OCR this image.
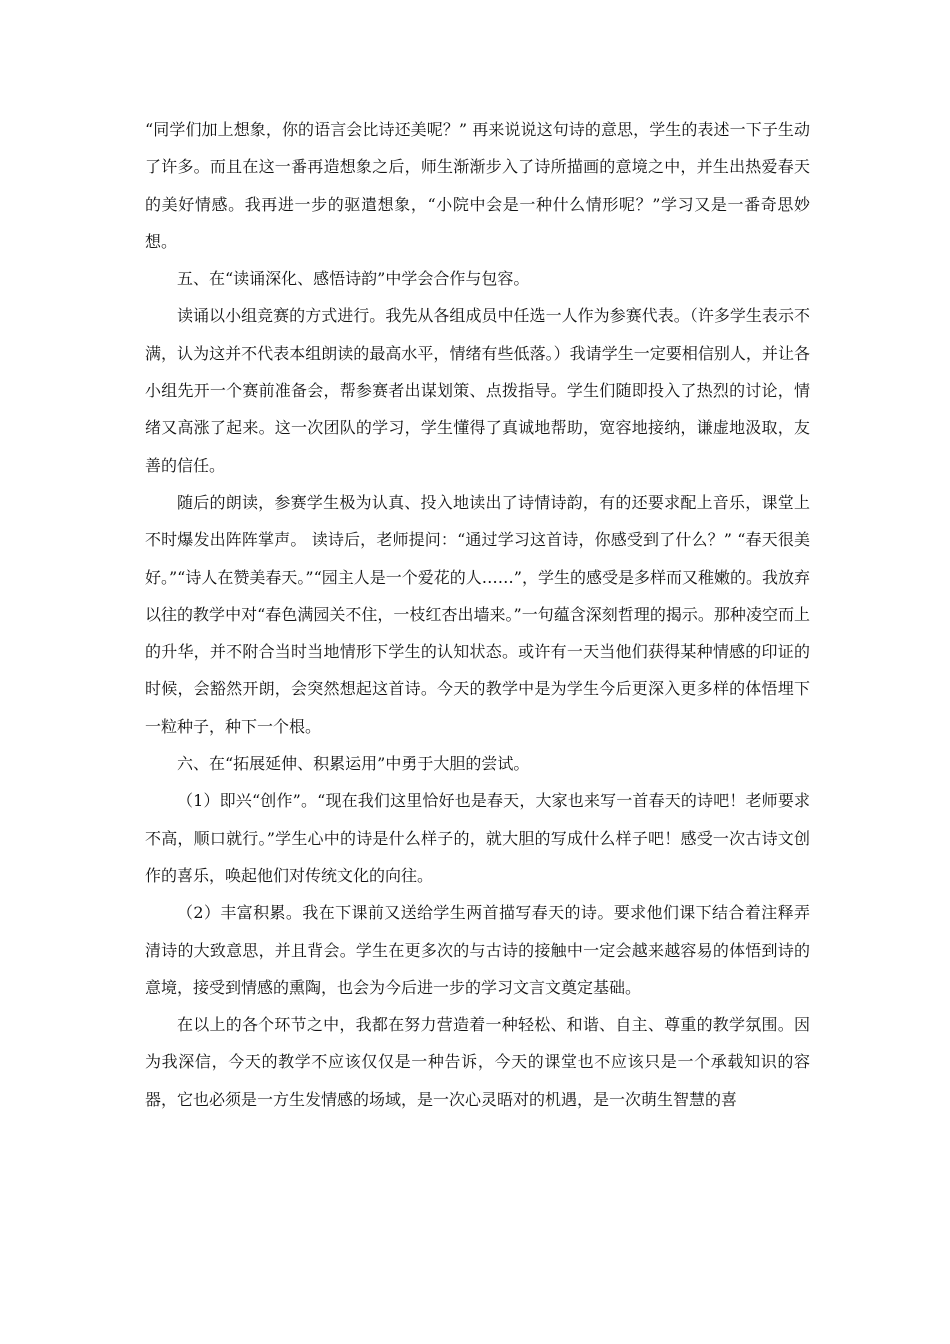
“同学们加上想象，你的语言会比诗还美呢？” 再来说说这句诗的意思，学生的表述一下子生动了许多。而且在这一番再造想象之后，师生渐渐步入了诗所描画的意境之中，并生出热爱春天的美好情感。我再进一步的驱遣想象，“小院中会是一种什么情形呢？”学习又是一番奇思妙想。

五、在“读诵深化、感悟诗韵”中学会合作与包容。

读诵以小组竞赛的方式进行。我先从各组成员中任选一人作为参赛代表。（许多学生表示不满，认为这并不代表本组朗读的最高水平，情绪有些低落。）我请学生一定要相信别人，并让各小组先开一个赛前准备会，帮参赛者出谋划策、点拨指导。学生们随即投入了热烈的讨论，情绪又高涨了起来。这一次团队的学习，学生懂得了真诚地帮助，宽容地接纳，谦虚地汲取，友善的信任。

随后的朗读，参赛学生极为认真、投入地读出了诗情诗韵，有的还要求配上音乐，课堂上不时爆发出阵阵掌声。 读诗后，老师提问：“通过学习这首诗，你感受到了什么？” “春天很美好。”“诗人在赞美春天。”“园主人是一个爱花的人……”，学生的感受是多样而又稚嫩的。我放弃以往的教学中对“春色满园关不住，一枝红杏出墙来。”一句蕴含深刻哲理的揭示。那种凌空而上的升华，并不附合当时当地情形下学生的认知状态。或许有一天当他们获得某种情感的印证的时候，会豁然开朗，会突然想起这首诗。今天的教学中是为学生今后更深入更多样的体悟埋下一粒种子，种下一个根。

六、在“拓展延伸、积累运用”中勇于大胆的尝试。

（1）即兴“创作”。“现在我们这里恰好也是春天，大家也来写一首春天的诗吧！老师要求不高，顺口就行。”学生心中的诗是什么样子的，就大胆的写成什么样子吧！感受一次古诗文创作的喜乐，唤起他们对传统文化的向往。

（2）丰富积累。我在下课前又送给学生两首描写春天的诗。要求他们课下结合着注释弄清诗的大致意思，并且背会。学生在更多次的与古诗的接触中一定会越来越容易的体悟到诗的意境，接受到情感的熏陶，也会为今后进一步的学习文言文奠定基础。

在以上的各个环节之中，我都在努力营造着一种轻松、和谐、自主、尊重的教学氛围。因为我深信，今天的教学不应该仅仅是一种告诉，今天的课堂也不应该只是一个承载知识的容器，它也必须是一方生发情感的场域，是一次心灵晤对的机遇，是一次萌生智慧的喜
